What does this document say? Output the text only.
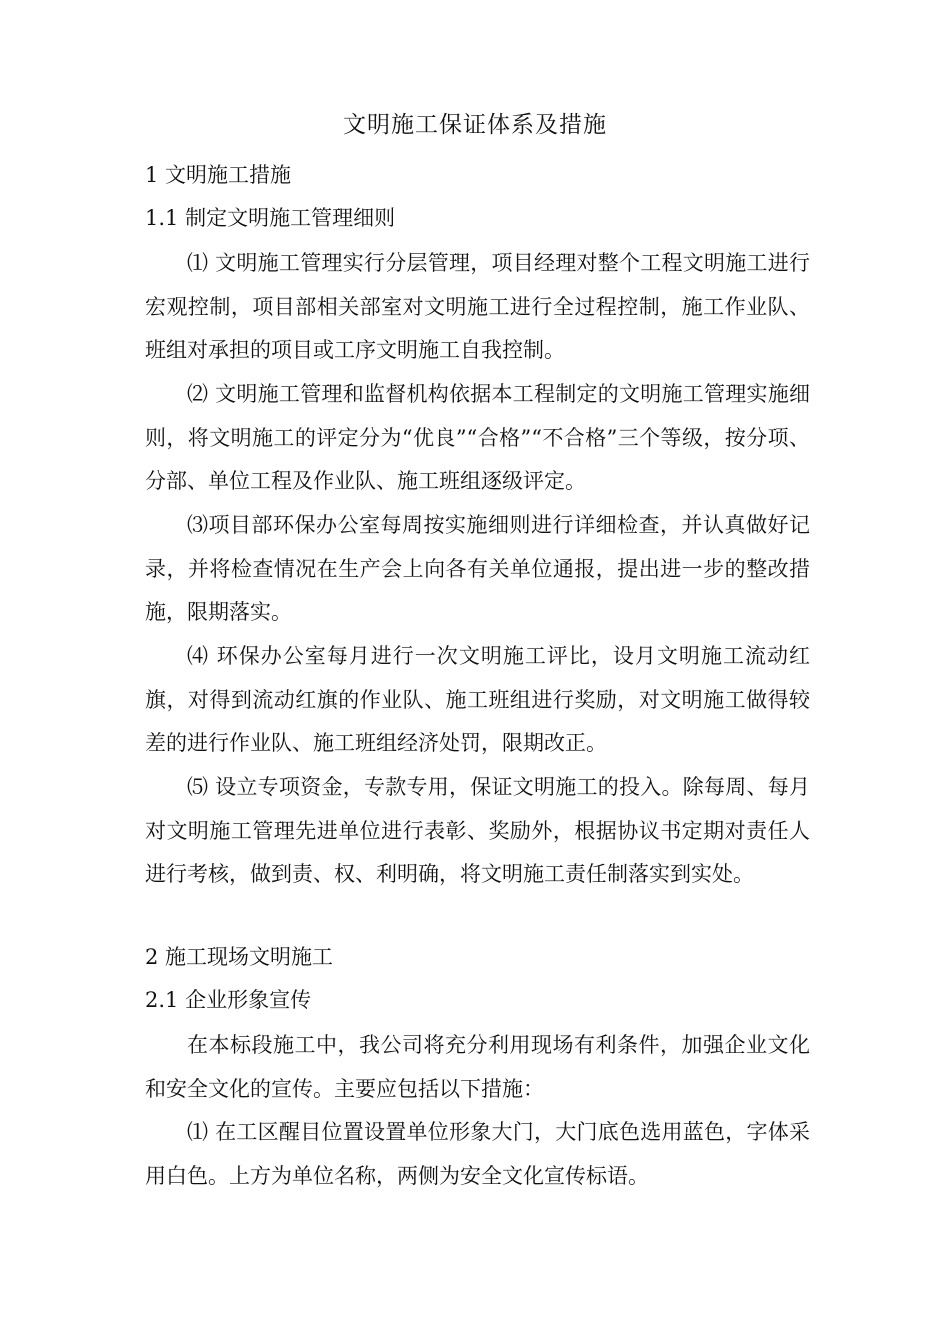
文明施工保证体系及措施
1 文明施工措施
1.1 制定文明施工管理细则

⑴ 文明施工管理实行分层管理，项目经理对整个工程文明施工进行宏观控制，项目部相关部室对文明施工进行全过程控制，施工作业队、班组对承担的项目或工序文明施工自我控制。

⑵ 文明施工管理和监督机构依据本工程制定的文明施工管理实施细则，将文明施工的评定分为“优良”“合格”“不合格”三个等级，按分项、分部、单位工程及作业队、施工班组逐级评定。

⑶项目部环保办公室每周按实施细则进行详细检查，并认真做好记录，并将检查情况在生产会上向各有关单位通报，提出进一步的整改措施，限期落实。

⑷ 环保办公室每月进行一次文明施工评比，设月文明施工流动红旗，对得到流动红旗的作业队、施工班组进行奖励，对文明施工做得较差的进行作业队、施工班组经济处罚，限期改正。

⑸ 设立专项资金，专款专用，保证文明施工的投入。除每周、每月对文明施工管理先进单位进行表彰、奖励外，根据协议书定期对责任人进行考核，做到责、权、利明确，将文明施工责任制落实到实处。

2 施工现场文明施工
2.1 企业形象宣传

在本标段施工中，我公司将充分利用现场有利条件，加强企业文化和安全文化的宣传。主要应包括以下措施：

⑴ 在工区醒目位置设置单位形象大门，大门底色选用蓝色，字体采用白色。上方为单位名称，两侧为安全文化宣传标语。
